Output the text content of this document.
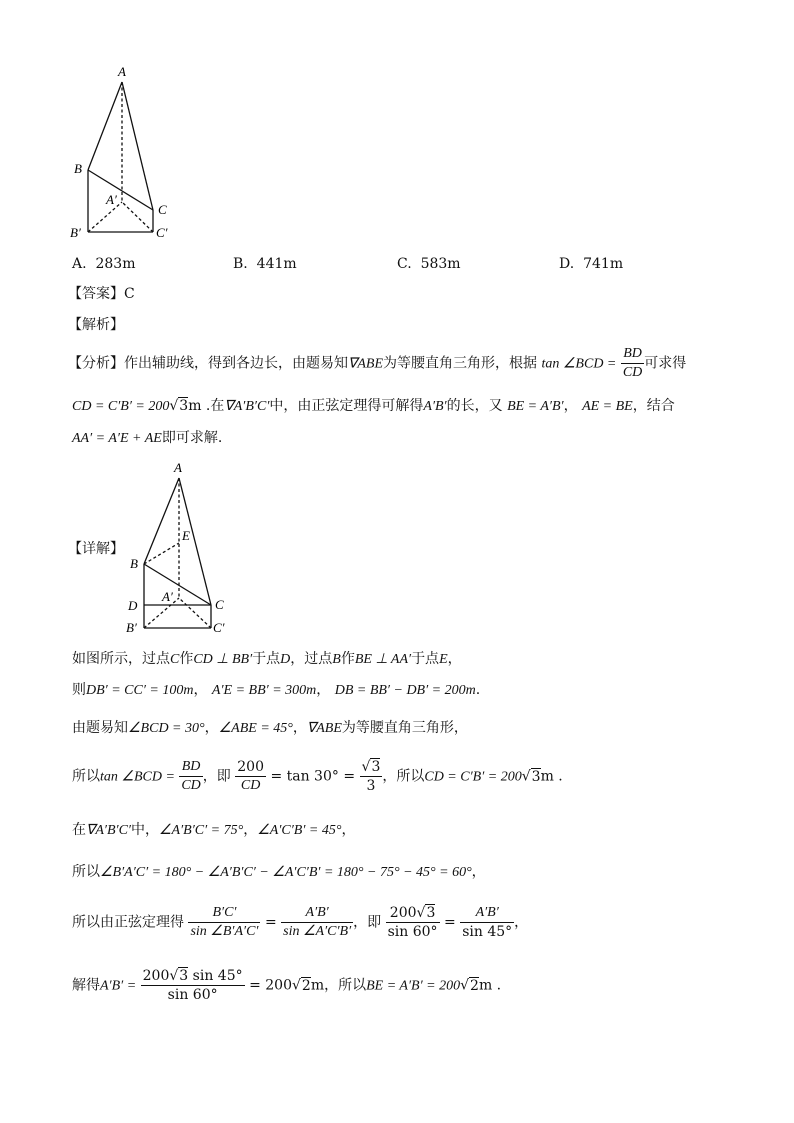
A
B
A′
C
B′	C′
A. 283m	B. 441m	C. 583m	D. 741m
【答案】C
【解析】
【分析】作出辅助线，得到各边长，由题易知∇ABE为等腰直角三角形，根据 tan ∠BCD = $\frac{BD}{CD}$ 可求得
CD = C′B′ = 200√3m .在∇A′B′C′中，由正弦定理得可解得A′B′的长，又 BE = A′B′， AE = BE，结合
AA′ = A′E + AE即可求解.
A
E
B
D
A′
C
B′	C′
【详解】
如图所示，过点C作CD ⊥ BB′于点D，过点B作BE ⊥ AA′于点E，
则DB′ = CC′ = 100m， A′E = BB′ = 300m， DB = BB′ − DB′ = 200m.
由题易知∠BCD = 30°，∠ABE = 45°，∇ABE为等腰直角三角形，
所以tan ∠BCD = $\frac{BD}{CD}$ ，即 $\frac{200}{CD} = \tan 30^\circ = \frac{√3}{3}$ ，所以CD = C′B′ = 200√3m .
在∇A′B′C′中，∠A′B′C′ = 75°，∠A′C′B′ = 45°，
所以∠B′A′C′ = 180° − ∠A′B′C′ − ∠A′C′B′ = 180° − 75° − 45° = 60°，
所以由正弦定理得 $\frac{B'C'}{\sin \angle B'A'C'} = \frac{A'B'}{\sin \angle A'C'B'}$ ，即 $\frac{200√3}{\sin 60^\circ} = \frac{A'B'}{\sin 45^\circ}$ ，
解得$A'B' = \frac{200√3 \sin 45^\circ}{\sin 60^\circ} = 200√2m$，所以BE = A′B′ = 200√2m .
